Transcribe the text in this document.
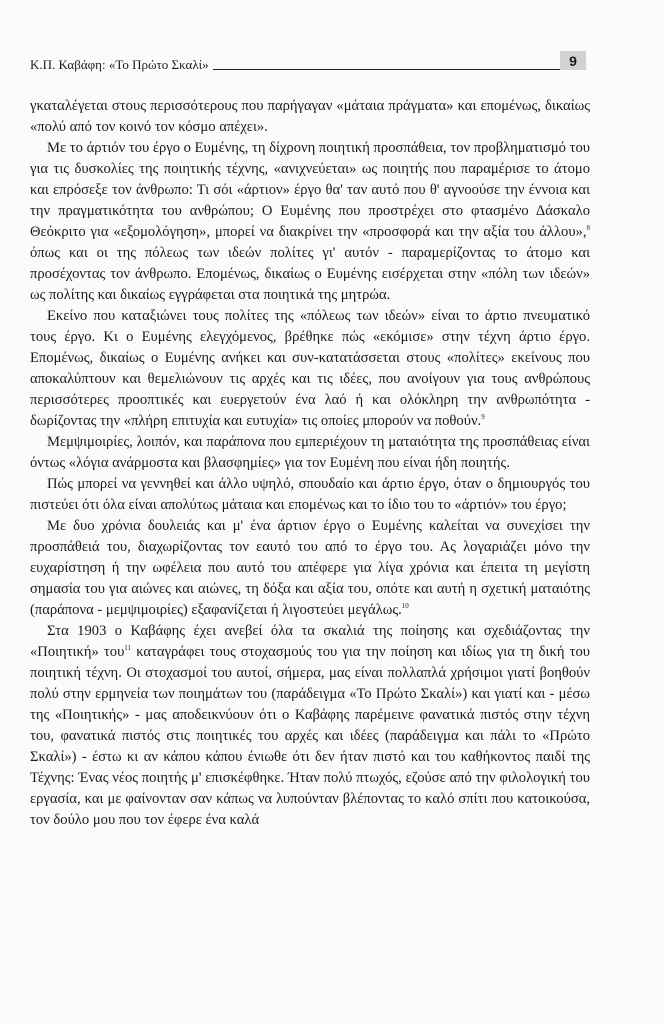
Κ.Π. Καβάφη: «Το Πρώτο Σκαλί»	9

γκαταλέγεται στους περισσότερους που παρήγαγαν «μάταια πράγματα» και επομένως, δικαίως «πολύ από τον κοινό τον κόσμο απέχει».

Με το άρτιόν του έργο ο Ευμένης, τη δίχρονη ποιητική προσπάθεια, τον προβληματισμό του για τις δυσκολίες της ποιητικής τέχνης, «ανιχνεύεται» ως ποιητής που παραμέρισε το άτομο και επρόσεξε τον άνθρωπο: Τι σόι «άρτιον» έργο θα' ταν αυτό που θ' αγνοούσε την έννοια και την πραγματικότητα του ανθρώπου; Ο Ευμένης που προστρέχει στο φτασμένο Δάσκαλο Θεόκριτο για «εξομολόγηση», μπορεί να διακρίνει την «προσφορά και την αξία του άλλου»,$^8$ όπως και οι της πόλεως των ιδεών πολίτες γι' αυτόν - παραμερίζοντας το άτομο και προσέχοντας τον άνθρωπο. Επομένως, δικαίως ο Ευμένης εισέρχεται στην «πόλη των ιδεών» ως πολίτης και δικαίως εγγράφεται στα ποιητικά της μητρώα.

Εκείνο που καταξιώνει τους πολίτες της «πόλεως των ιδεών» είναι το άρτιο πνευματικό τους έργο. Κι ο Ευμένης ελεγχόμενος, βρέθηκε πώς «εκόμισε» στην τέχνη άρτιο έργο. Επομένως, δικαίως ο Ευμένης ανήκει και συν-κατατάσσεται στους «πολίτες» εκείνους που αποκαλύπτουν και θεμελιώνουν τις αρχές και τις ιδέες, που ανοίγουν για τους ανθρώπους περισσότερες προοπτικές και ευεργετούν ένα λαό ή και ολόκληρη την ανθρωπότητα - δωρίζοντας την «πλήρη επιτυχία και ευτυχία» τις οποίες μπορούν να ποθούν.$^9$

Μεμψιμοιρίες, λοιπόν, και παράπονα που εμπεριέχουν τη ματαιότητα της προσπάθειας είναι όντως «λόγια ανάρμοστα και βλασφημίες» για τον Ευμένη που είναι ήδη ποιητής.

Πώς μπορεί να γεννηθεί και άλλο υψηλό, σπουδαίο και άρτιο έργο, όταν ο δημιουργός του πιστεύει ότι όλα είναι απολύτως μάταια και επομένως και το ίδιο του το «άρτιόν» του έργο;

Με δυο χρόνια δουλειάς και μ' ένα άρτιον έργο ο Ευμένης καλείται να συνεχίσει την προσπάθειά του, διαχωρίζοντας τον εαυτό του από το έργο του. Ας λογαριάζει μόνο την ευχαρίστηση ή την ωφέλεια που αυτό του απέφερε για λίγα χρόνια και έπειτα τη μεγίστη σημασία του για αιώνες και αιώνες, τη δόξα και αξία του, οπότε και αυτή η σχετική ματαιότης (παράπονα - μεμψιμοιρίες) εξαφανίζεται ή λιγοστεύει μεγάλως.$^{10}$

Στα 1903 ο Καβάφης έχει ανεβεί όλα τα σκαλιά της ποίησης και σχεδιάζοντας την «Ποιητική» του$^{11}$ καταγράφει τους στοχασμούς του για την ποίηση και ιδίως για τη δική του ποιητική τέχνη. Οι στοχασμοί του αυτοί, σήμερα, μας είναι πολλαπλά χρήσιμοι γιατί βοηθούν πολύ στην ερμηνεία των ποιημάτων του (παράδειγμα «Το Πρώτο Σκαλί») και γιατί και - μέσω της «Ποιητικής» - μας αποδεικνύουν ότι ο Καβάφης παρέμεινε φανατικά πιστός στην τέχνη του, φανατικά πιστός στις ποιητικές του αρχές και ιδέες (παράδειγμα και πάλι το «Πρώτο Σκαλί») - έστω κι αν κάπου κάπου ένιωθε ότι δεν ήταν πιστό και του καθήκοντος παιδί της Τέχνης: Ένας νέος ποιητής μ' επισκέφθηκε. Ήταν πολύ πτωχός, εζούσε από την φιλολογική του εργασία, και με φαίνονταν σαν κάπως να λυπούνταν βλέποντας το καλό σπίτι που κατοικούσα, τον δούλο μου που τον έφερε ένα καλά
